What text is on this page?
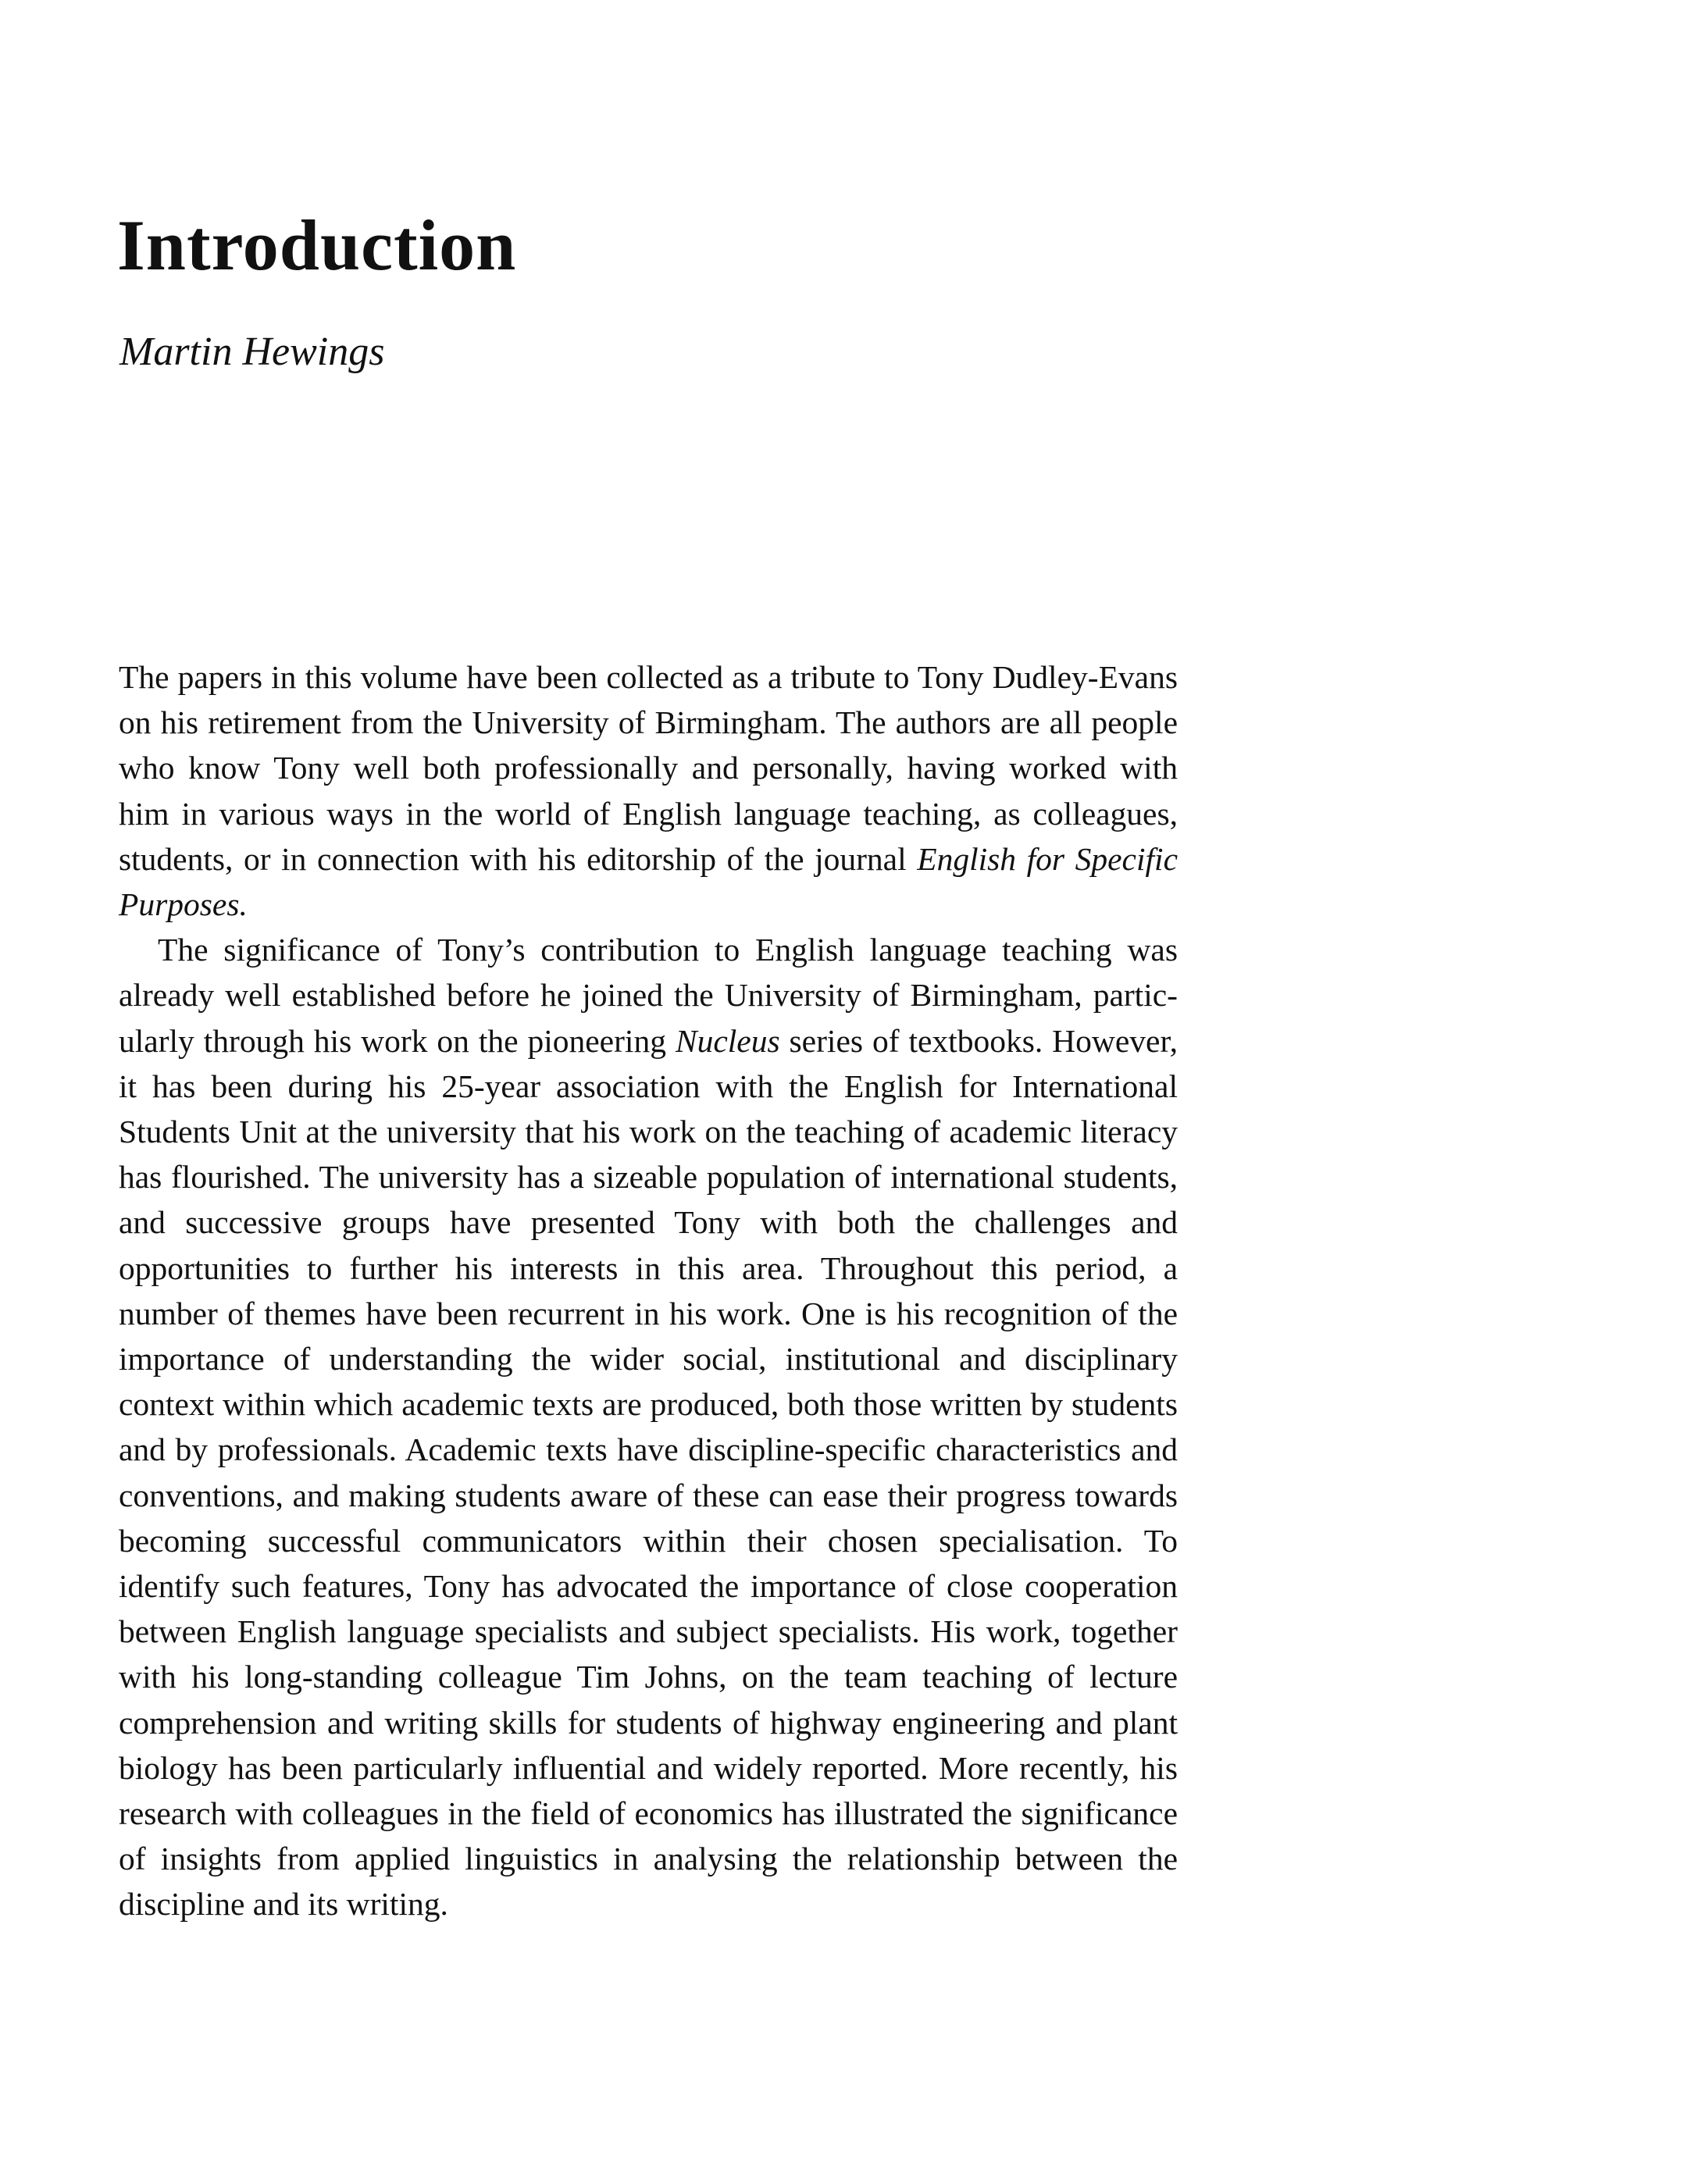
Introduction

Martin Hewings

The papers in this volume have been collected as a tribute to Tony Dudley-Evans on his retirement from the University of Birmingham. The authors are all people who know Tony well both professionally and personally, having worked with him in various ways in the world of English language teaching, as colleagues, students, or in connection with his editorship of the journal English for Specific Purposes.

The significance of Tony’s contribution to English language teaching was already well established before he joined the University of Birmingham, particularly through his work on the pioneering Nucleus series of textbooks. However, it has been during his 25-year association with the English for International Students Unit at the university that his work on the teaching of academic literacy has flourished. The university has a sizeable population of international students, and successive groups have presented Tony with both the challenges and opportunities to further his interests in this area. Throughout this period, a number of themes have been recurrent in his work. One is his recognition of the importance of understanding the wider social, institutional and disciplinary context within which academic texts are produced, both those written by students and by professionals. Academic texts have discipline-specific characteristics and conventions, and making students aware of these can ease their progress towards becoming successful communicators within their chosen specialisation. To identify such features, Tony has advocated the importance of close cooperation between English language specialists and subject specialists. His work, together with his long-standing colleague Tim Johns, on the team teaching of lecture comprehension and writing skills for students of highway engineering and plant biology has been particularly influential and widely reported. More recently, his research with colleagues in the field of economics has illustrated the significance of insights from applied linguistics in analysing the relationship between the discipline and its writing.
